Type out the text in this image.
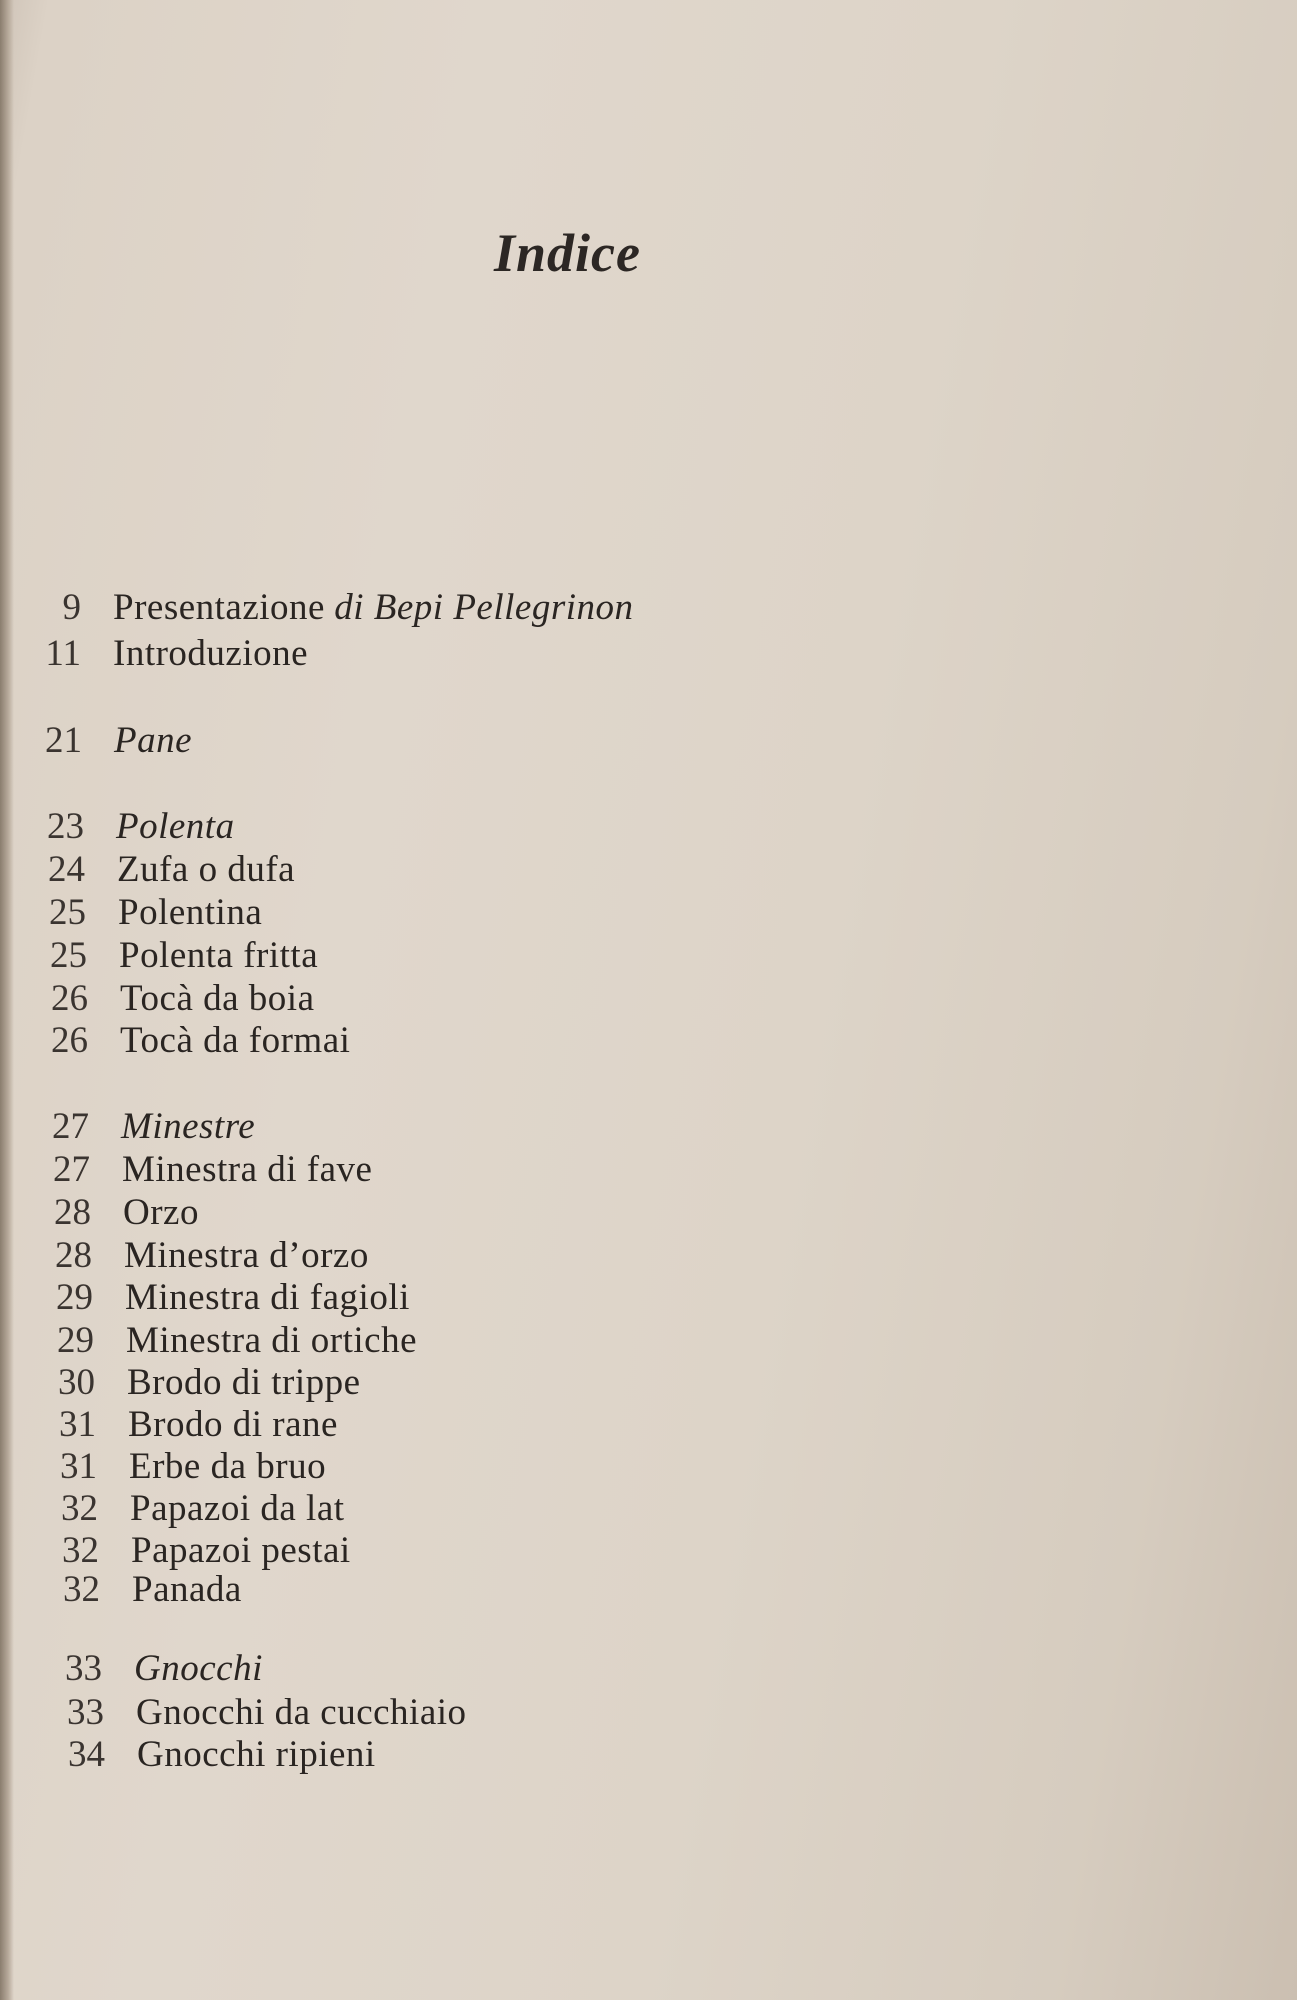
Indice
9 Presentazione di Bepi Pellegrinon
11 Introduzione
21 Pane
23 Polenta
24 Zufa o dufa
25 Polentina
25 Polenta fritta
26 Tocà da boia
26 Tocà da formai
27 Minestre
27 Minestra di fave
28 Orzo
28 Minestra d’orzo
29 Minestra di fagioli
29 Minestra di ortiche
30 Brodo di trippe
31 Brodo di rane
31 Erbe da bruo
32 Papazoi da lat
32 Papazoi pestai
32 Panada
33 Gnocchi
33 Gnocchi da cucchiaio
34 Gnocchi ripieni
